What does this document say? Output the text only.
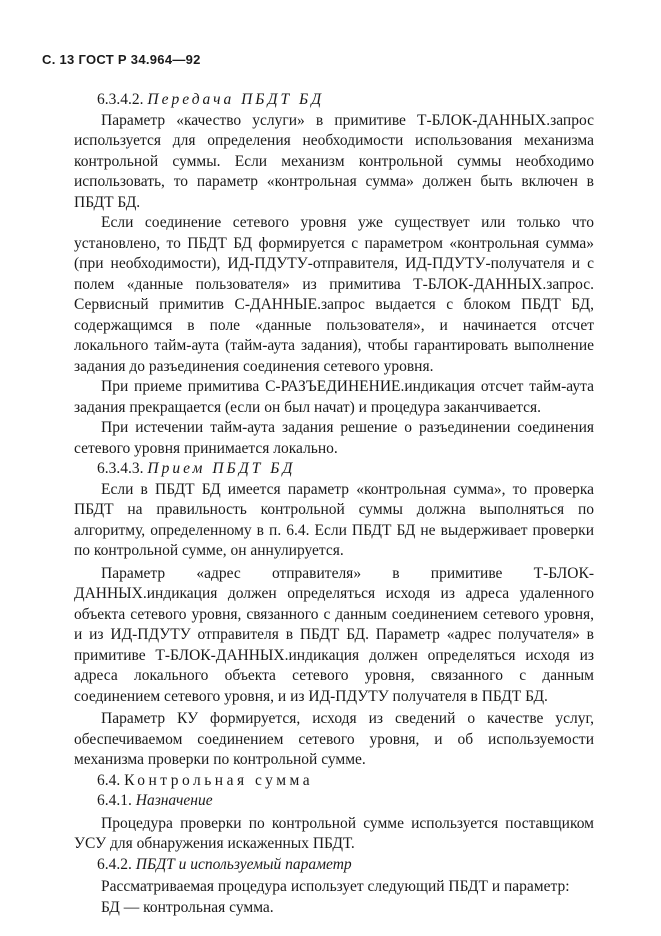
С. 13 ГОСТ Р 34.964—92
6.3.4.2. Передача ПБДТ БД

Параметр «качество услуги» в примитиве Т-БЛОК-ДАННЫХ.запрос используется для определения необходимости использования механизма контрольной суммы. Если механизм контрольной суммы необходимо использовать, то параметр «контрольная сумма» должен быть включен в ПБДТ БД.

Если соединение сетевого уровня уже существует или только что установлено, то ПБДТ БД формируется с параметром «контрольная сумма» (при необходимости), ИД-ПДУТУ-отправителя, ИД-ПДУТУ-получателя и с полем «данные пользователя» из примитива Т-БЛОК-ДАННЫХ.запрос. Сервисный примитив С-ДАННЫЕ.запрос выдается с блоком ПБДТ БД, содержащимся в поле «данные пользователя», и начинается отсчет локального тайм-аута (тайм-аута задания), чтобы гарантировать выполнение задания до разъединения соединения сетевого уровня.

При приеме примитива С-РАЗЪЕДИНЕНИЕ.индикация отсчет тайм-аута задания прекращается (если он был начат) и процедура заканчивается.

При истечении тайм-аута задания решение о разъединении соединения сетевого уровня принимается локально.

6.3.4.3. Прием ПБДТ БД

Если в ПБДТ БД имеется параметр «контрольная сумма», то проверка ПБДТ на правильность контрольной суммы должна выполняться по алгоритму, определенному в п. 6.4. Если ПБДТ БД не выдерживает проверки по контрольной сумме, он аннулируется.

Параметр «адрес отправителя» в примитиве Т-БЛОК-ДАННЫХ.индикация должен определяться исходя из адреса удаленного объекта сетевого уровня, связанного с данным соединением сетевого уровня, и из ИД-ПДУТУ отправителя в ПБДТ БД. Параметр «адрес получателя» в примитиве Т-БЛОК-ДАННЫХ.индикация должен определяться исходя из адреса локального объекта сетевого уровня, связанного с данным соединением сетевого уровня, и из ИД-ПДУТУ получателя в ПБДТ БД.

Параметр КУ формируется, исходя из сведений о качестве услуг, обеспечиваемом соединением сетевого уровня, и об используемости механизма проверки по контрольной сумме.

6.4. Контрольная сумма
6.4.1. Назначение

Процедура проверки по контрольной сумме используется поставщиком УСУ для обнаружения искаженных ПБДТ.

6.4.2. ПБДТ и используемый параметр

Рассматриваемая процедура использует следующий ПБДТ и параметр:

БД — контрольная сумма.
